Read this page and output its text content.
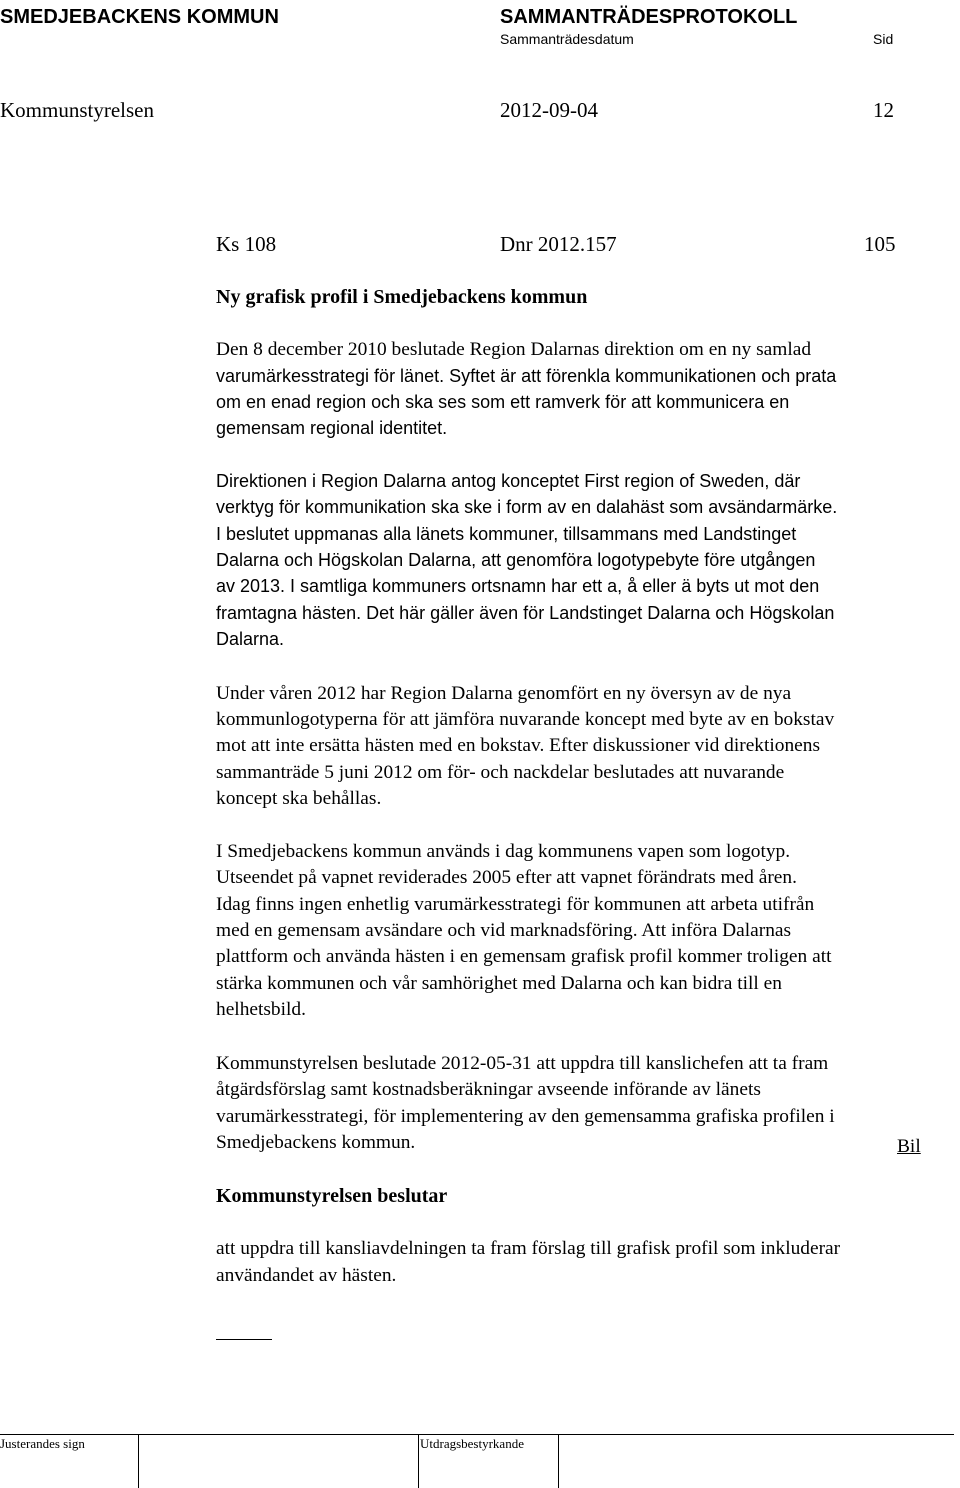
SMEDJEBACKENS KOMMUN	SAMMANTRÄDESPROTOKOLL
Sammanträdesdatum	Sid
Kommunstyrelsen	2012-09-04	12
Ks 108	Dnr 2012.157	105
Ny grafisk profil i Smedjebackens kommun
Den 8 december 2010 beslutade Region Dalarnas direktion om en ny samlad
varumärkesstrategi för länet. Syftet är att förenkla kommunikationen och prata
om en enad region och ska ses som ett ramverk för att kommunicera en
gemensam regional identitet.
Direktionen i Region Dalarna antog konceptet First region of Sweden, där
verktyg för kommunikation ska ske i form av en dalahäst som avsändarmärke.
I beslutet uppmanas alla länets kommuner, tillsammans med Landstinget
Dalarna och Högskolan Dalarna, att genomföra logotypebyte före utgången
av 2013. I samtliga kommuners ortsnamn har ett a, å eller ä byts ut mot den
framtagna hästen. Det här gäller även för Landstinget Dalarna och Högskolan
Dalarna.
Under våren 2012 har Region Dalarna genomfört en ny översyn av de nya
kommunlogotyperna för att jämföra nuvarande koncept med byte av en bokstav
mot att inte ersätta hästen med en bokstav. Efter diskussioner vid direktionens
sammanträde 5 juni 2012 om för- och nackdelar beslutades att nuvarande
koncept ska behållas.
I Smedjebackens kommun används i dag kommunens vapen som logotyp.
Utseendet på vapnet reviderades 2005 efter att vapnet förändrats med åren.
Idag finns ingen enhetlig varumärkesstrategi för kommunen att arbeta utifrån
med en gemensam avsändare och vid marknadsföring. Att införa Dalarnas
plattform och använda hästen i en gemensam grafisk profil kommer troligen att
stärka kommunen och vår samhörighet med Dalarna och kan bidra till en
helhetsbild.
Kommunstyrelsen beslutade 2012-05-31 att uppdra till kanslichefen att ta fram
åtgärdsförslag samt kostnadsberäkningar avseende införande av länets
varumärkesstrategi, för implementering av den gemensamma grafiska profilen i
Smedjebackens kommun.	Bil
Kommunstyrelsen beslutar
att uppdra till kansliavdelningen ta fram förslag till grafisk profil som inkluderar
användandet av hästen.
Justerandes sign	Utdragsbestyrkande
